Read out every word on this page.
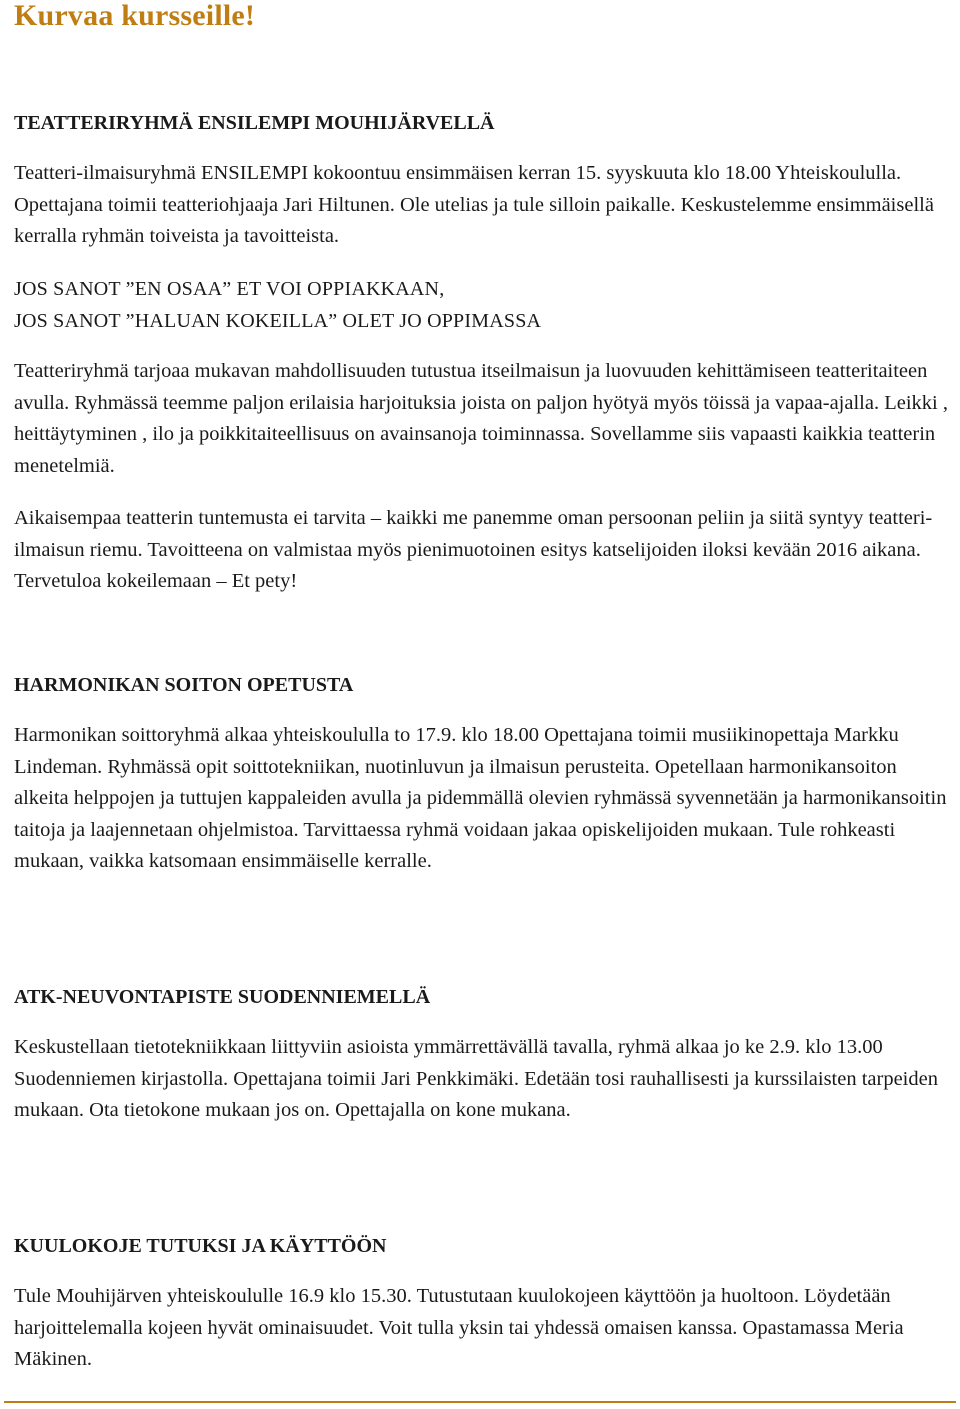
Kurvaa kursseille!
TEATTERIRYHMÄ ENSILEMPI MOUHIJÄRVELLÄ

Teatteri-ilmaisuryhmä ENSILEMPI kokoontuu ensimmäisen kerran 15. syyskuuta klo 18.00 Yhteiskoululla. Opettajana toimii teatteriohjaaja Jari Hiltunen. Ole utelias ja tule silloin paikalle. Keskustelemme ensimmäisellä kerralla ryhmän toiveista ja tavoitteista.

JOS SANOT ”EN OSAA” ET VOI OPPIAKKAAN,

JOS SANOT ”HALUAN KOKEILLA” OLET JO OPPIMASSA

Teatteriryhmä tarjoaa mukavan mahdollisuuden tutustua itseilmaisun ja luovuuden kehittämiseen teatteritaiteen avulla. Ryhmässä teemme paljon erilaisia harjoituksia joista on paljon hyötyä myös töissä ja vapaa-ajalla. Leikki , heittäytyminen , ilo ja poikkitaiteellisuus on avainsanoja toiminnassa. Sovellamme siis vapaasti kaikkia teatterin menetelmiä.

Aikaisempaa teatterin tuntemusta ei tarvita – kaikki me panemme oman persoonan peliin ja siitä syntyy teatteri-ilmaisun riemu. Tavoitteena on valmistaa myös pienimuotoinen esitys katselijoiden iloksi kevään 2016 aikana. Tervetuloa kokeilemaan – Et pety!

HARMONIKAN SOITON OPETUSTA

Harmonikan soittoryhmä alkaa yhteiskoululla to 17.9. klo 18.00 Opettajana toimii musiikinopettaja Markku Lindeman. Ryhmässä opit soittotekniikan, nuotinluvun ja ilmaisun perusteita. Opetellaan harmonikansoiton alkeita helppojen ja tuttujen kappaleiden avulla ja pidemmällä olevien ryhmässä syvennetään ja harmonikansoitin taitoja ja laajennetaan ohjelmistoa. Tarvittaessa ryhmä voidaan jakaa opiskelijoiden mukaan. Tule rohkeasti mukaan, vaikka katsomaan ensimmäiselle kerralle.

ATK-NEUVONTAPISTE SUODENNIEMELLÄ

Keskustellaan tietotekniikkaan liittyviin asioista ymmärrettävällä tavalla, ryhmä alkaa jo ke 2.9. klo 13.00 Suodenniemen kirjastolla. Opettajana toimii Jari Penkkimäki. Edetään tosi rauhallisesti ja kurssilaisten tarpeiden mukaan. Ota tietokone mukaan jos on. Opettajalla on kone mukana.

KUULOKOJE TUTUKSI JA KÄYTTÖÖN

Tule Mouhijärven yhteiskoululle 16.9 klo 15.30. Tutustutaan kuulokojeen käyttöön ja huoltoon. Löydetään harjoittelemalla kojeen hyvät ominaisuudet. Voit tulla yksin tai yhdessä omaisen kanssa. Opastamassa Meria Mäkinen.
